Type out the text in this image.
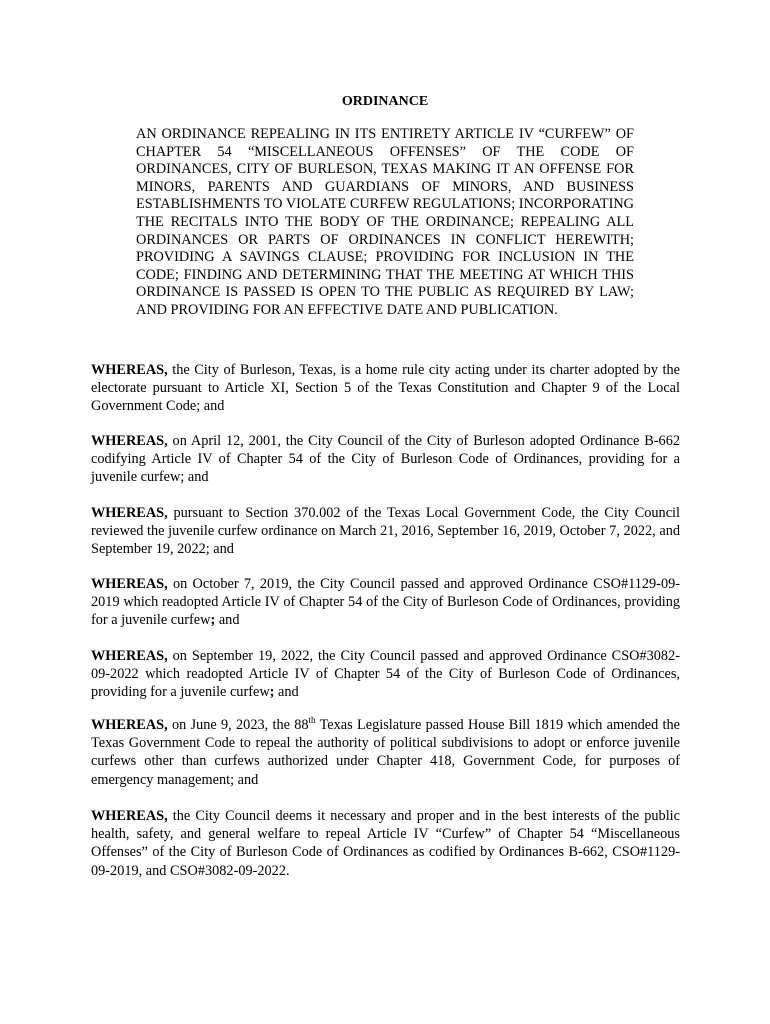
ORDINANCE
AN ORDINANCE REPEALING IN ITS ENTIRETY ARTICLE IV “CURFEW” OF CHAPTER 54 “MISCELLANEOUS OFFENSES” OF THE CODE OF ORDINANCES, CITY OF BURLESON, TEXAS MAKING IT AN OFFENSE FOR MINORS, PARENTS AND GUARDIANS OF MINORS, AND BUSINESS ESTABLISHMENTS TO VIOLATE CURFEW REGULATIONS; INCORPORATING THE RECITALS INTO THE BODY OF THE ORDINANCE; REPEALING ALL ORDINANCES OR PARTS OF ORDINANCES IN CONFLICT HEREWITH; PROVIDING A SAVINGS CLAUSE; PROVIDING FOR INCLUSION IN THE CODE; FINDING AND DETERMINING THAT THE MEETING AT WHICH THIS ORDINANCE IS PASSED IS OPEN TO THE PUBLIC AS REQUIRED BY LAW; AND PROVIDING FOR AN EFFECTIVE DATE AND PUBLICATION.

WHEREAS, the City of Burleson, Texas, is a home rule city acting under its charter adopted by the electorate pursuant to Article XI, Section 5 of the Texas Constitution and Chapter 9 of the Local Government Code; and

WHEREAS, on April 12, 2001, the City Council of the City of Burleson adopted Ordinance B-662 codifying Article IV of Chapter 54 of the City of Burleson Code of Ordinances, providing for a juvenile curfew; and

WHEREAS, pursuant to Section 370.002 of the Texas Local Government Code, the City Council reviewed the juvenile curfew ordinance on March 21, 2016, September 16, 2019, October 7, 2022, and September 19, 2022; and

WHEREAS, on October 7, 2019, the City Council passed and approved Ordinance CSO#1129-09-2019 which readopted Article IV of Chapter 54 of the City of Burleson Code of Ordinances, providing for a juvenile curfew; and

WHEREAS, on September 19, 2022, the City Council passed and approved Ordinance CSO#3082-09-2022 which readopted Article IV of Chapter 54 of the City of Burleson Code of Ordinances, providing for a juvenile curfew; and

WHEREAS, on June 9, 2023, the 88th Texas Legislature passed House Bill 1819 which amended the Texas Government Code to repeal the authority of political subdivisions to adopt or enforce juvenile curfews other than curfews authorized under Chapter 418, Government Code, for purposes of emergency management; and

WHEREAS, the City Council deems it necessary and proper and in the best interests of the public health, safety, and general welfare to repeal Article IV “Curfew” of Chapter 54 “Miscellaneous Offenses” of the City of Burleson Code of Ordinances as codified by Ordinances B-662, CSO#1129-09-2019, and CSO#3082-09-2022.
